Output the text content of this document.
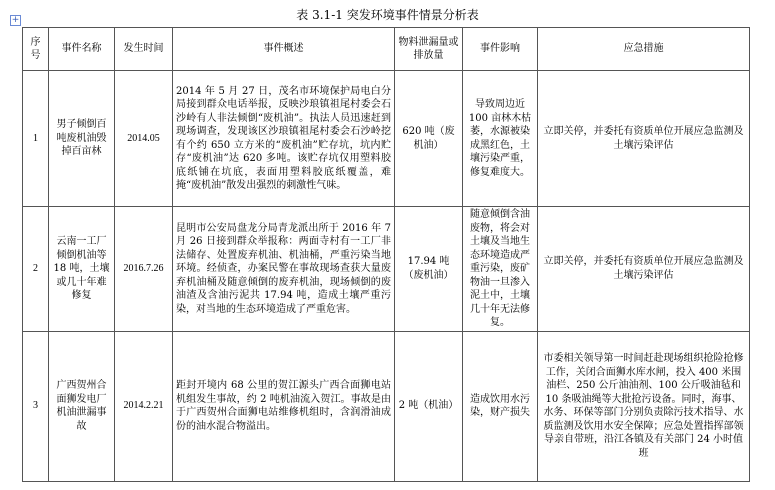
+	表 3.1-1 突发环境事件情景分析表
序号	事件名称	发生时间	事件概述	物料泄漏量或排放量	事件影响	应急措施
1	男子倾倒百吨废机油毁掉百亩林	2014.05	2014 年 5 月 27 日，茂名市环境保护局电白分局接到群众电话举报，反映沙琅镇祖尾村委会石沙岭有人非法倾倒“废机油”。执法人员迅速赶到现场调查，发现该区沙琅镇祖尾村委会石沙岭挖有个约 650 立方米的“废机油”贮存坑，坑内贮存“废机油”达 620 多吨。该贮存坑仅用塑料胶底纸铺在坑底，表面用塑料胶底纸覆盖，难掩“废机油”散发出强烈的刺激性气味。	620 吨（废机油）	导致周边近 100 亩林木枯萎，水源被染成黑红色，土壤污染严重，修复难度大。	立即关停，并委托有资质单位开展应急监测及土壤污染评估
2	云南一工厂倾倒机油等 18 吨，土壤或几十年难修复	2016.7.26	昆明市公安局盘龙分局青龙派出所于 2016 年 7 月 26 日接到群众举报称：两面寺村有一工厂非法储存、处置废弃机油、机油桶，严重污染当地环境。经侦查，办案民警在事故现场查获大量废弃机油桶及随意倾倒的废弃机油，现场倾倒的废油渣及含油污泥共 17.94 吨，造成土壤严重污染，对当地的生态环境造成了严重危害。	17.94 吨（废机油）	随意倾倒含油废物，将会对土壤及当地生态环境造成严重污染，废矿物油一旦渗入泥土中，土壤几十年无法修复。	立即关停，并委托有资质单位开展应急监测及土壤污染评估
3	广西贺州合面狮发电厂机油泄漏事故	2014.2.21	距封开境内 68 公里的贺江源头广西合面狮电站机组发生事故，约 2 吨机油流入贺江。事故是由于广西贺州合面狮电站维修机组时，含润滑油成份的油水混合物溢出。	2 吨（机油）	造成饮用水污染，财产损失	市委相关领导第一时间赶赴现场组织抢险抢修工作，关闭合面狮水库水闸，投入 400 米围油栏、250 公斤油油剂、100 公斤吸油毡和 10 条吸油绳等大批抢污设备。同时，海事、水务、环保等部门分别负责除污技术指导、水质监测及饮用水安全保障；应急处置指挥部领导亲自带班，沿江各镇及有关部门 24 小时值班
